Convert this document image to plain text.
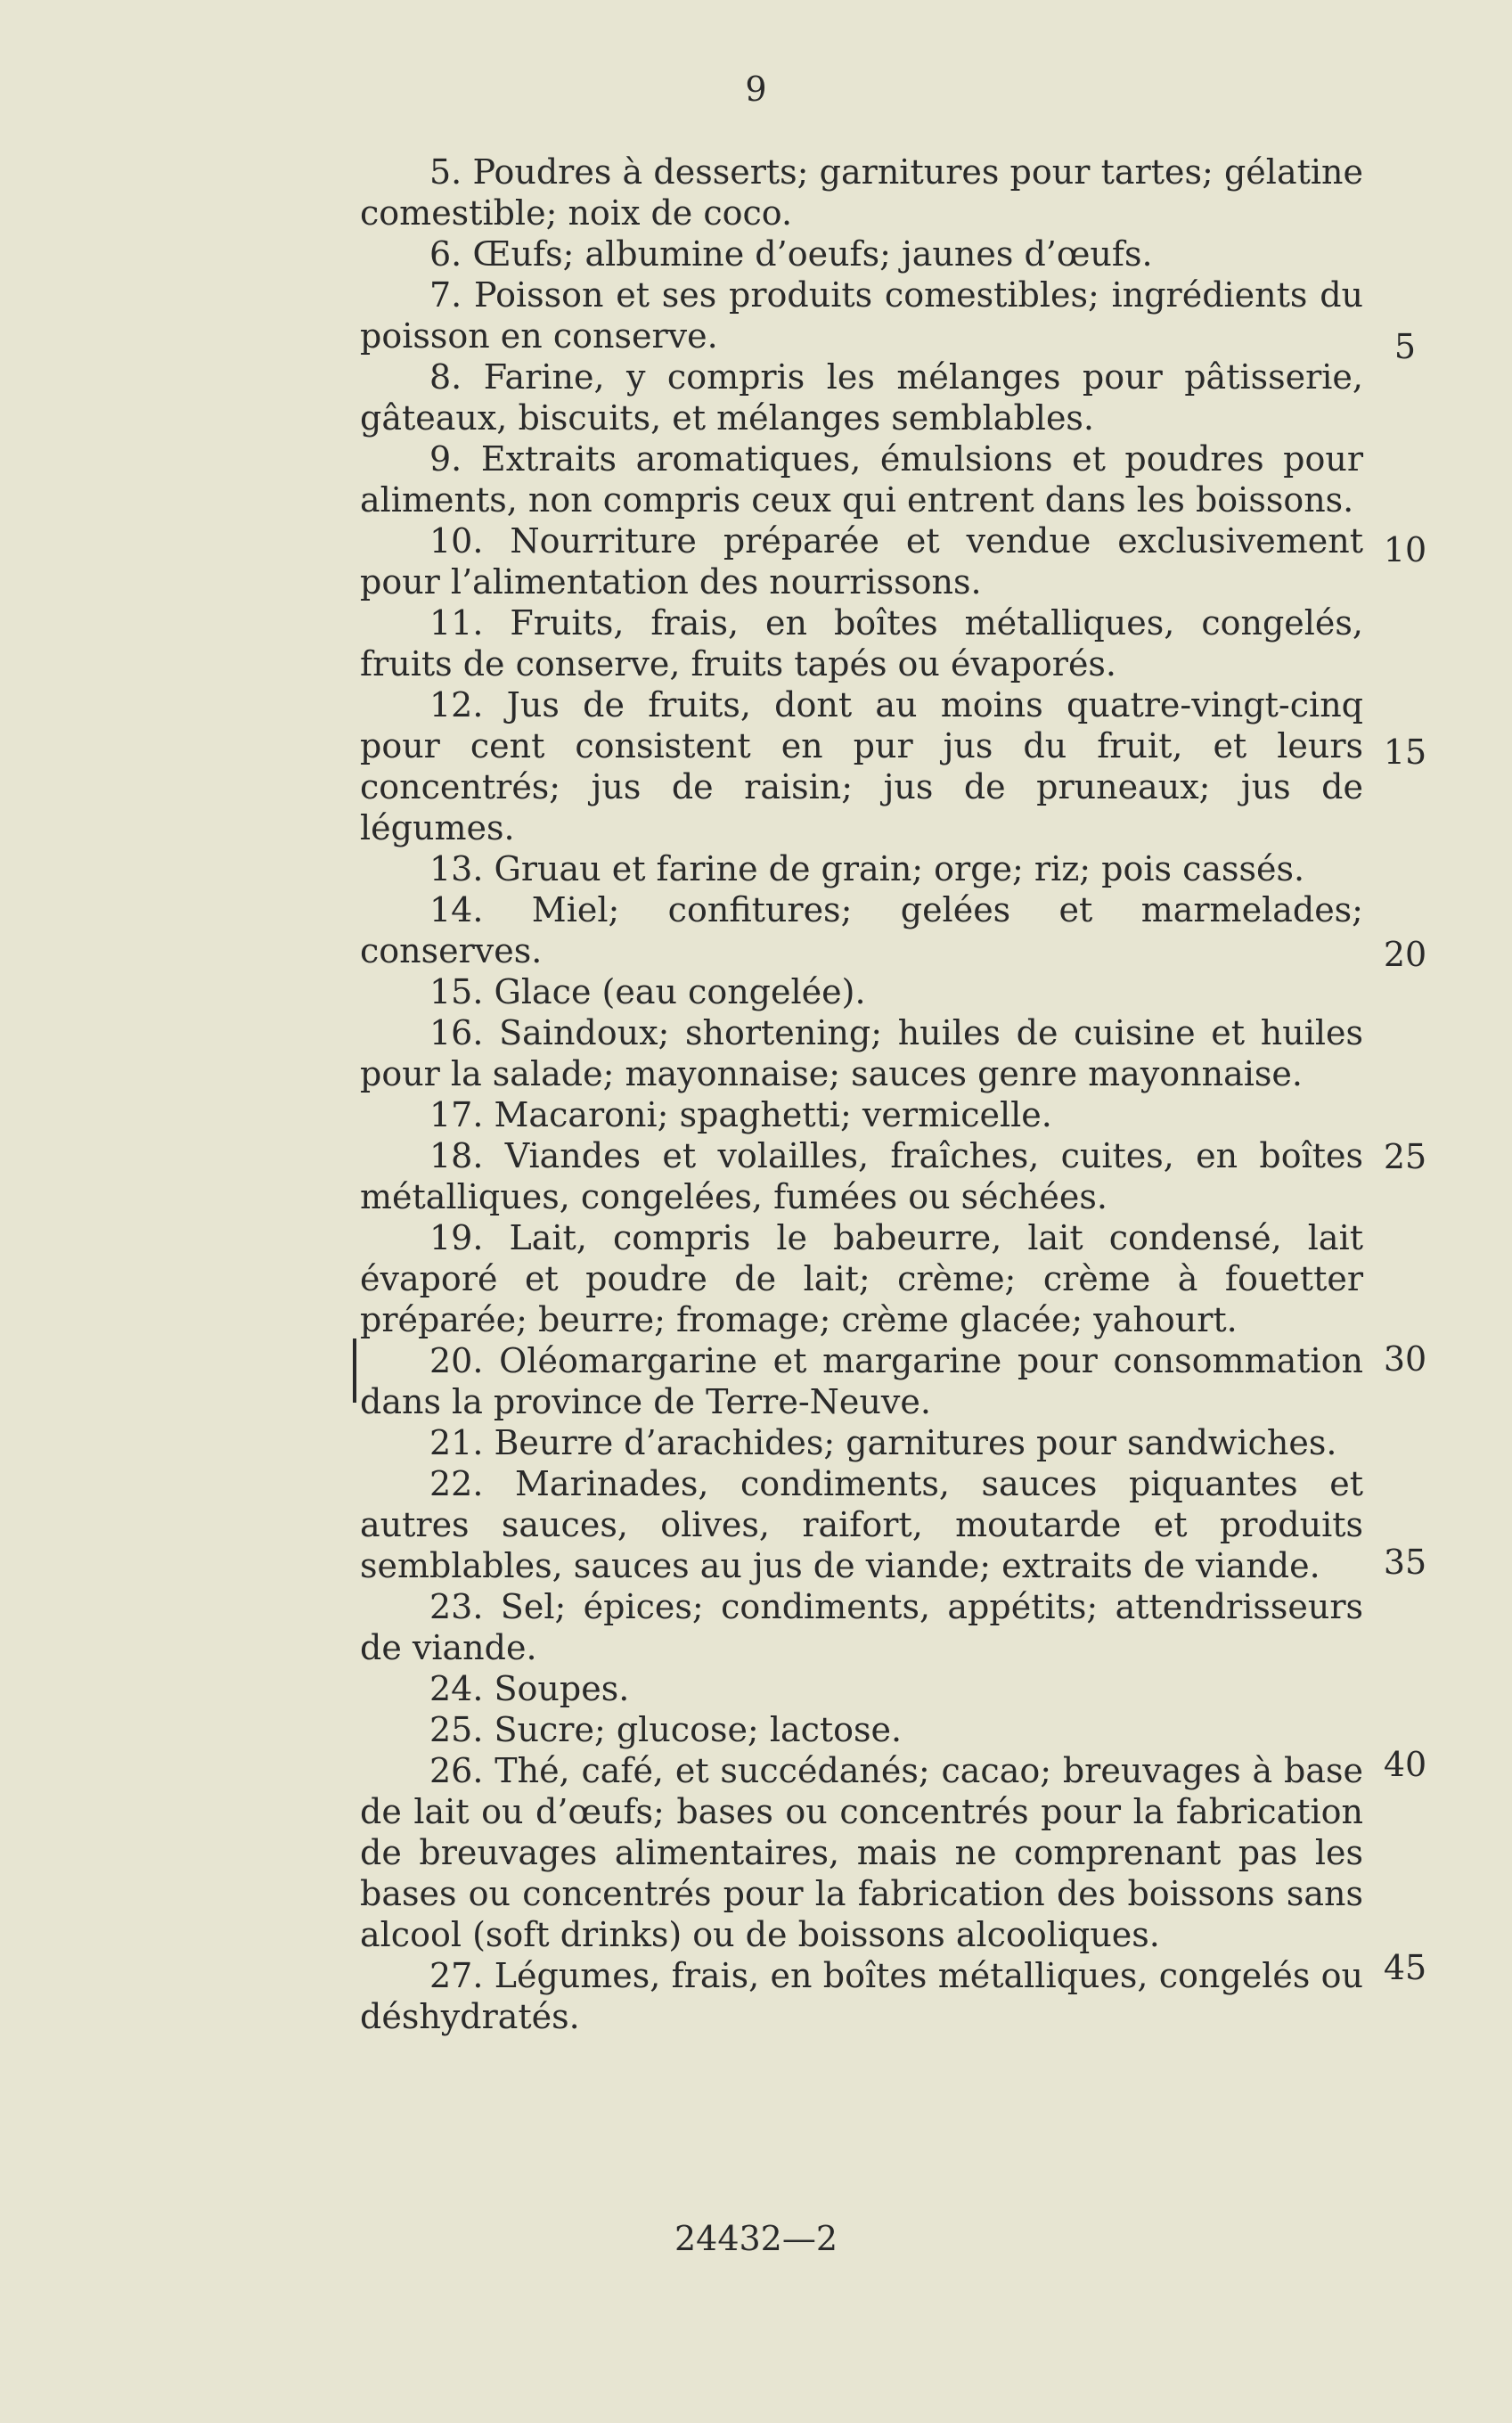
9

5. Poudres à desserts; garnitures pour tartes; gélatine comestible; noix de coco.

6. Œufs; albumine d’oeufs; jaunes d’œufs.

7. Poisson et ses produits comestibles; ingrédients du poisson en conserve.

8. Farine, y compris les mélanges pour pâtisserie, gâteaux, biscuits, et mélanges semblables.

9. Extraits aromatiques, émulsions et poudres pour aliments, non compris ceux qui entrent dans les boissons.

10. Nourriture préparée et vendue exclusivement pour l’alimentation des nourrissons.

11. Fruits, frais, en boîtes métalliques, congelés, fruits de conserve, fruits tapés ou évaporés.

12. Jus de fruits, dont au moins quatre-vingt-cinq pour cent consistent en pur jus du fruit, et leurs concentrés; jus de raisin; jus de pruneaux; jus de légumes.

13. Gruau et farine de grain; orge; riz; pois cassés.

14. Miel; confitures; gelées et marmelades; conserves.

15. Glace (eau congelée).

16. Saindoux; shortening; huiles de cuisine et huiles pour la salade; mayonnaise; sauces genre mayonnaise.

17. Macaroni; spaghetti; vermicelle.

18. Viandes et volailles, fraîches, cuites, en boîtes métalliques, congelées, fumées ou séchées.

19. Lait, compris le babeurre, lait condensé, lait évaporé et poudre de lait; crème; crème à fouetter préparée; beurre; fromage; crème glacée; yahourt.

20. Oléomargarine et margarine pour consommation dans la province de Terre-Neuve.

21. Beurre d’arachides; garnitures pour sandwiches.

22. Marinades, condiments, sauces piquantes et autres sauces, olives, raifort, moutarde et produits semblables, sauces au jus de viande; extraits de viande.

23. Sel; épices; condiments, appétits; attendrisseurs de viande.

24. Soupes.

25. Sucre; glucose; lactose.

26. Thé, café, et succédanés; cacao; breuvages à base de lait ou d’œufs; bases ou concentrés pour la fabrication de breuvages alimentaires, mais ne comprenant pas les bases ou concentrés pour la fabrication des boissons sans alcool (soft drinks) ou de boissons alcooliques.

27. Légumes, frais, en boîtes métalliques, congelés ou déshydratés.

5
10
15
20
25
30
35
40
45
24432—2
